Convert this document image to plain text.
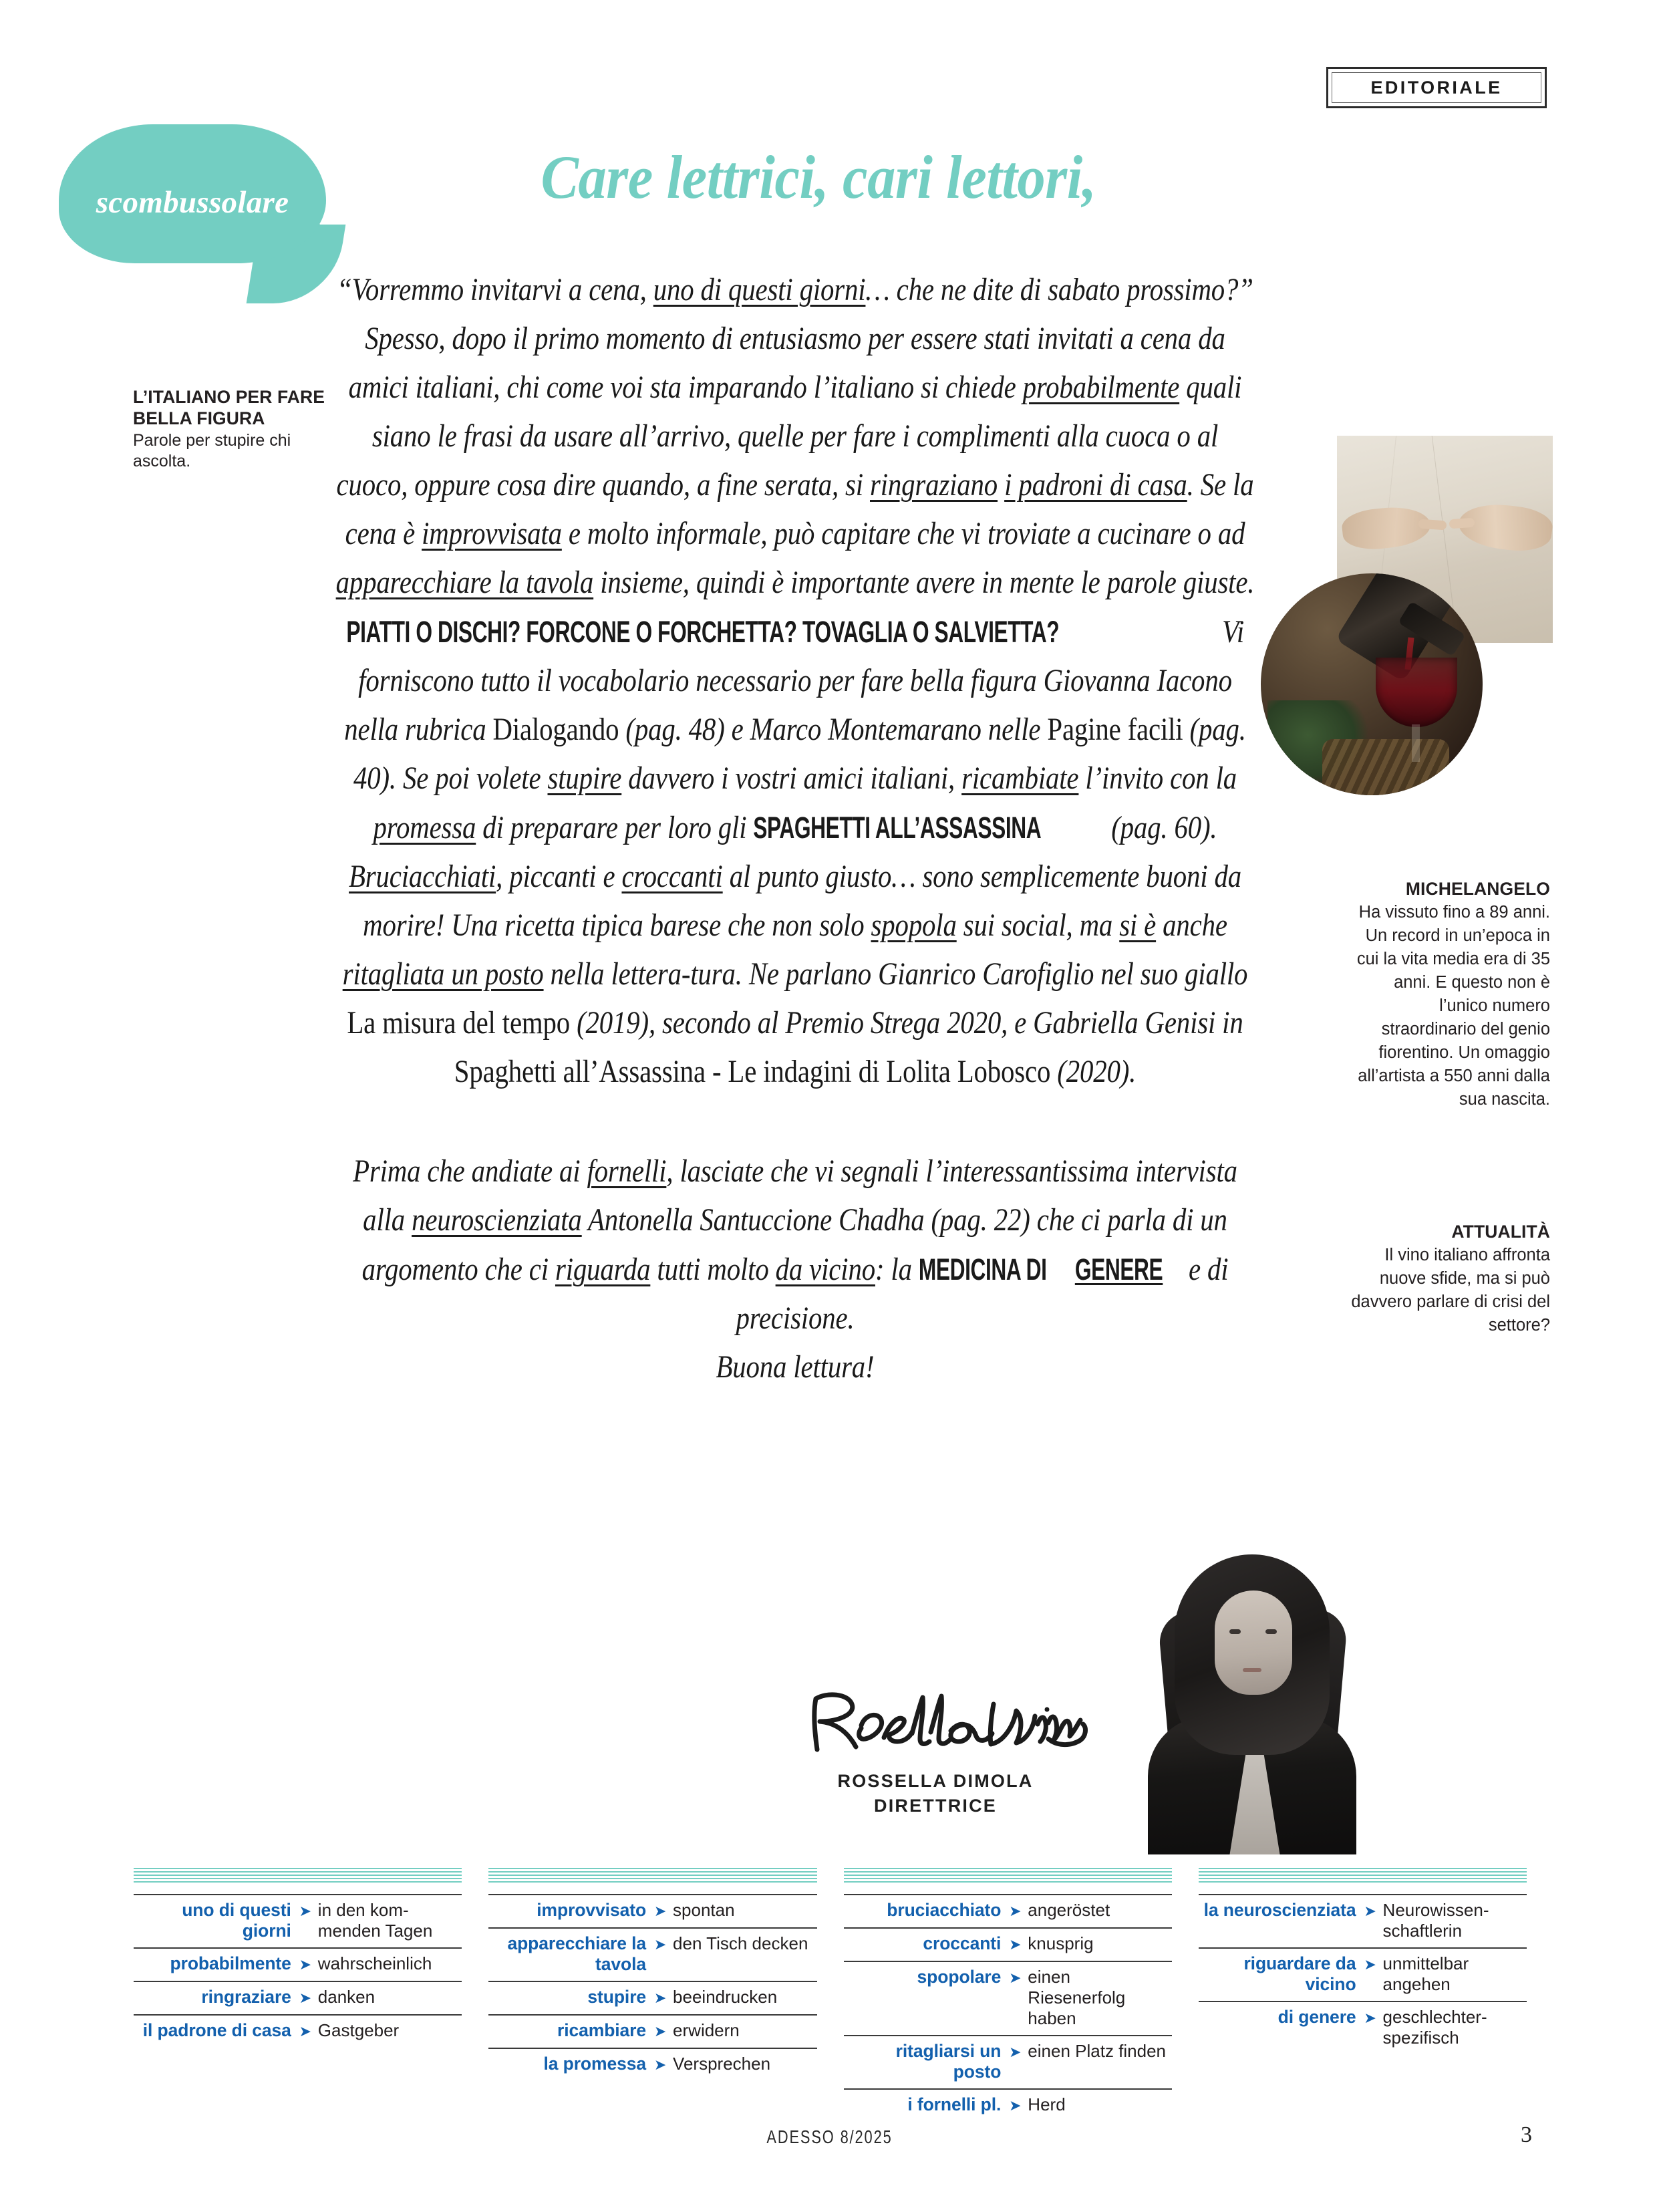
EDITORIALE
scombussolare
L’ITALIANO PER FARE BELLA FIGURA
Parole per stupire chi ascolta.
Care lettrici, cari lettori,

“Vorremmo invitarvi a cena, uno di questi giorni… che ne dite di sabato prossimo?” Spesso, dopo il primo momento di entusiasmo per essere stati invitati a cena da amici italiani, chi come voi sta imparando l’italiano si chiede probabilmente quali siano le frasi da usare all’arrivo, quelle per fare i complimenti alla cuoca o al cuoco, oppure cosa dire quando, a fine serata, si ringraziano i padroni di casa. Se la cena è improvvisata e molto informale, può capitare che vi troviate a cucinare o ad apparecchiare la tavola insieme, quindi è importante avere in mente le parole giuste. PIATTI O DISCHI? FORCONE O FORCHETTA? TOVAGLIA O SALVIETTA?	Vi forniscono tutto il vocabolario necessario per fare bella figura Giovanna Iacono nella rubrica Dialogando (pag. 48) e Marco Montemarano nelle Pagine facili (pag. 40). Se poi volete stupire davvero i vostri amici italiani, ricambiate l’invito con la promessa di preparare per loro gli SPAGHETTI ALL’ASSASSINA (pag. 60). Bruciacchiati, piccanti e croccanti al punto giusto… sono semplicemente buoni da morire! Una ricetta tipica barese che non solo spopola sui social, ma si è anche ritagliata un posto nella lettera-tura. Ne parlano Gianrico Carofiglio nel suo giallo La misura del tempo (2019), secondo al Premio Strega 2020, e Gabriella Genisi in Spaghetti all’Assassina - Le indagini di Lolita Lobosco (2020).

Prima che andiate ai fornelli, lasciate che vi segnali l’interessantissima intervista alla neuroscienziata Antonella Santuccione Chadha (pag. 22) che ci parla di un argomento che ci riguarda tutti molto da vicino: la MEDICINA DIGENERE e di precisione.
Buona lettura!

MICHELANGELO
Ha vissuto fino a 89 anni. Un record in un’epoca in cui la vita media era di 35 anni. E questo non è l’unico numero straordinario del genio fiorentino. Un omaggio all’artista a 550 anni dalla sua nascita.
ATTUALITÀ
Il vino italiano affronta nuove sfide, ma si può davvero parlare di crisi del settore?
ROSSELLA DIMOLA
DIRETTRICE
uno di questi giorni
➤ in den kom- menden Tagen
probabilmente ➤ wahrscheinlich
ringraziare ➤ danken
il padrone di casa ➤ Gastgeber
improvvisato ➤ spontan
apparecchiare la tavola
➤ den Tisch decken
stupire ➤ beeindrucken
ricambiare ➤ erwidern
la promessa ➤ Versprechen
bruciacchiato ➤ angeröstet
croccanti ➤ knusprig
spopolare ➤ einen Riesenerfolg haben
ritagliarsi un posto
➤ einen Platz finden
i fornelli pl. ➤ Herd
la neuroscienziata ➤ Neurowissen- schaftlerin
riguardare da vicino
➤ unmittelbar angehen
di genere ➤ geschlechter- spezifisch
ADESSO 8/2025	3
